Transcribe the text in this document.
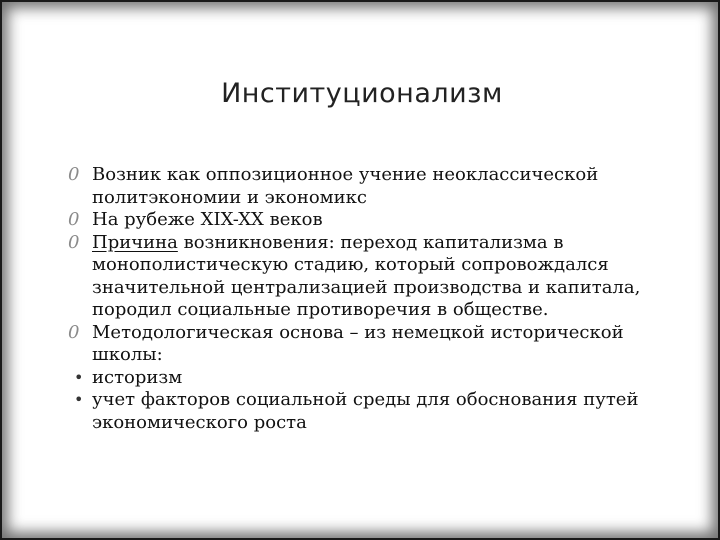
Институционализм
0 Возник как оппозиционное учение неоклассической политэкономии и экономикс
0 На рубеже XIX-XX веков
0 Причина возникновения: переход капитализма в монополистическую стадию, который сопровождался значительной централизацией производства и капитала, породил социальные противоречия в обществе.
0 Методологическая основа – из немецкой исторической школы:
• историзм
• учет факторов социальной среды для обоснования путей экономического роста
